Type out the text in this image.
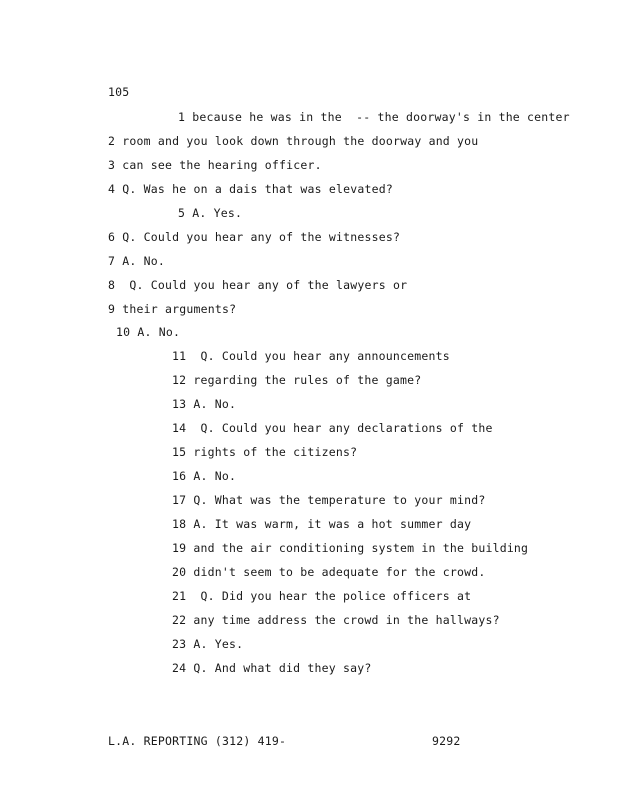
105
1 because he was in the  -- the doorway's in the center
2 room and you look down through the doorway and you
3 can see the hearing officer.
4 Q. Was he on a dais that was elevated?
5 A. Yes.
6 Q. Could you hear any of the witnesses?
7 A. No.
8  Q. Could you hear any of the lawyers or
9 their arguments?
10 A. No.
11  Q. Could you hear any announcements
12 regarding the rules of the game?
13 A. No.
14  Q. Could you hear any declarations of the
15 rights of the citizens?
16 A. No.
17 Q. What was the temperature to your mind?
18 A. It was warm, it was a hot summer day
19 and the air conditioning system in the building
20 didn't seem to be adequate for the crowd.
21  Q. Did you hear the police officers at
22 any time address the crowd in the hallways?
23 A. Yes.
24 Q. And what did they say?
L.A. REPORTING (312) 419-	9292
